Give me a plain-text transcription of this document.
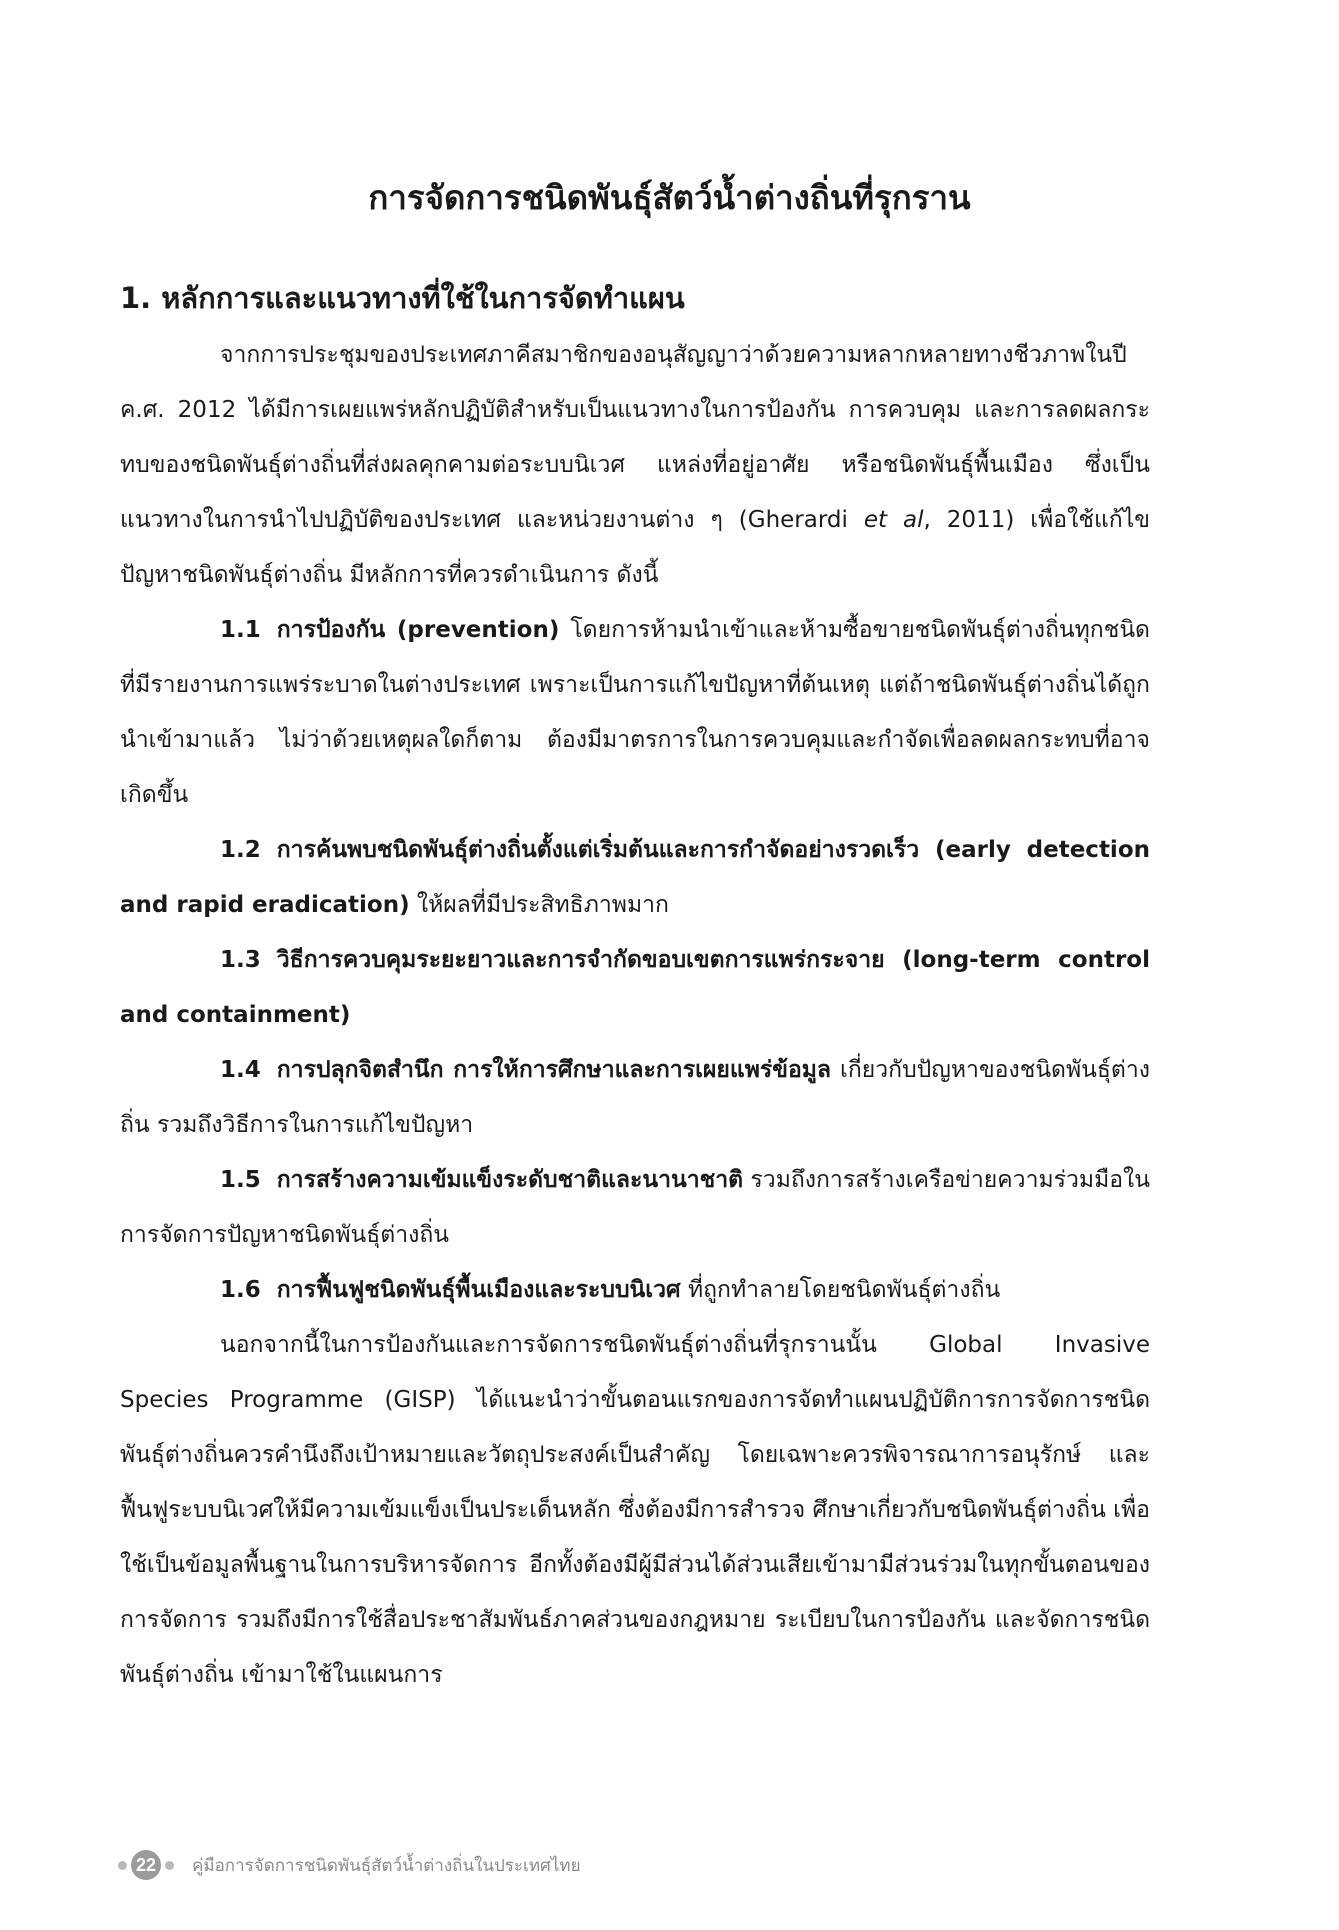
การจัดการชนิดพันธุ์สัตว์น้ำต่างถิ่นที่รุกราน
1. หลักการและแนวทางที่ใช้ในการจัดทำแผน

จากการประชุมของประเทศภาคีสมาชิกของอนุสัญญาว่าด้วยความหลากหลายทางชีวภาพในปี ค.ศ. 2012 ได้มีการเผยแพร่หลักปฏิบัติสำหรับเป็นแนวทางในการป้องกัน การควบคุม และการลดผลกระทบของชนิดพันธุ์ต่างถิ่นที่ส่งผลคุกคามต่อระบบนิเวศ แหล่งที่อยู่อาศัย หรือชนิดพันธุ์พื้นเมือง ซึ่งเป็นแนวทางในการนำไปปฏิบัติของประเทศ และหน่วยงานต่าง ๆ (Gherardi et al, 2011) เพื่อใช้แก้ไขปัญหาชนิดพันธุ์ต่างถิ่น มีหลักการที่ควรดำเนินการ ดังนี้

1.1 การป้องกัน (prevention) โดยการห้ามนำเข้าและห้ามซื้อขายชนิดพันธุ์ต่างถิ่นทุกชนิดที่มีรายงานการแพร่ระบาดในต่างประเทศ เพราะเป็นการแก้ไขปัญหาที่ต้นเหตุ แต่ถ้าชนิดพันธุ์ต่างถิ่นได้ถูกนำเข้ามาแล้ว ไม่ว่าด้วยเหตุผลใดก็ตาม ต้องมีมาตรการในการควบคุมและกำจัดเพื่อลดผลกระทบที่อาจเกิดขึ้น

1.2 การค้นพบชนิดพันธุ์ต่างถิ่นตั้งแต่เริ่มต้นและการกำจัดอย่างรวดเร็ว (early detection and rapid eradication) ให้ผลที่มีประสิทธิภาพมาก

1.3 วิธีการควบคุมระยะยาวและการจำกัดขอบเขตการแพร่กระจาย (long-term control and containment)

1.4 การปลุกจิตสำนึก การให้การศึกษาและการเผยแพร่ข้อมูล เกี่ยวกับปัญหาของชนิดพันธุ์ต่างถิ่น รวมถึงวิธีการในการแก้ไขปัญหา

1.5 การสร้างความเข้มแข็งระดับชาติและนานาชาติ รวมถึงการสร้างเครือข่ายความร่วมมือในการจัดการปัญหาชนิดพันธุ์ต่างถิ่น

1.6 การฟื้นฟูชนิดพันธุ์พื้นเมืองและระบบนิเวศ ที่ถูกทำลายโดยชนิดพันธุ์ต่างถิ่น

นอกจากนี้ในการป้องกันและการจัดการชนิดพันธุ์ต่างถิ่นที่รุกรานนั้น Global Invasive Species Programme (GISP) ได้แนะนำว่าขั้นตอนแรกของการจัดทำแผนปฏิบัติการการจัดการชนิดพันธุ์ต่างถิ่นควรคำนึงถึงเป้าหมายและวัตถุประสงค์เป็นสำคัญ โดยเฉพาะควรพิจารณาการอนุรักษ์ และฟื้นฟูระบบนิเวศให้มีความเข้มแข็งเป็นประเด็นหลัก ซึ่งต้องมีการสำรวจ ศึกษาเกี่ยวกับชนิดพันธุ์ต่างถิ่น เพื่อใช้เป็นข้อมูลพื้นฐานในการบริหารจัดการ อีกทั้งต้องมีผู้มีส่วนได้ส่วนเสียเข้ามามีส่วนร่วมในทุกขั้นตอนของการจัดการ รวมถึงมีการใช้สื่อประชาสัมพันธ์ภาคส่วนของกฎหมาย ระเบียบในการป้องกัน และจัดการชนิดพันธุ์ต่างถิ่น เข้ามาใช้ในแผนการ

22 คู่มือการจัดการชนิดพันธุ์สัตว์น้ำต่างถิ่นในประเทศไทย
